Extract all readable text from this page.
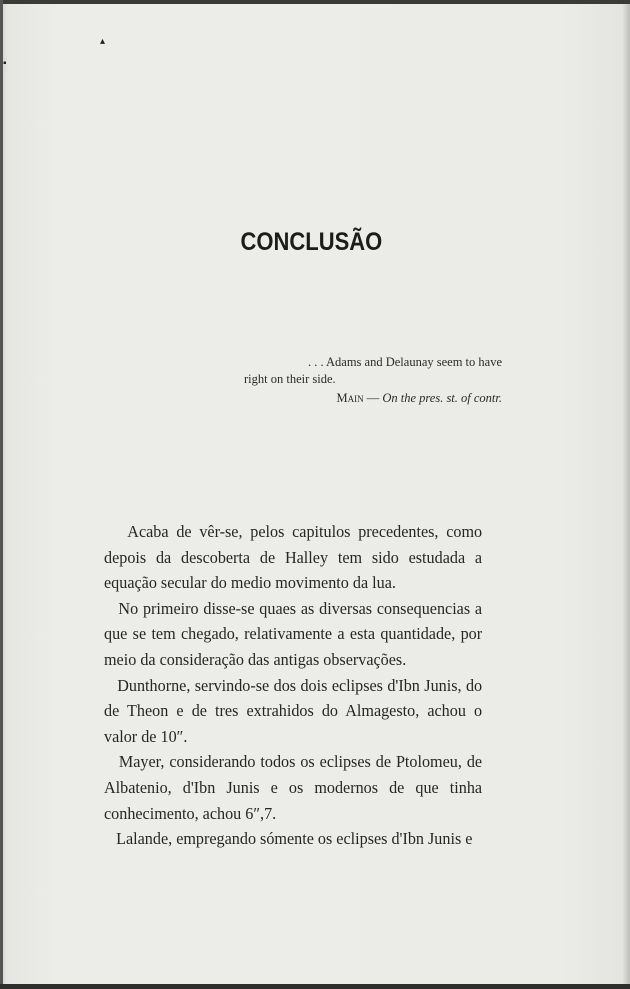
▴
▪
CONCLUSÃO
. . . Adams and Delaunay seem to have
right on their side.
Main — On the pres. st. of contr.

Acaba de vêr-se, pelos capitulos precedentes, como depois da descoberta de Halley tem sido estudada a equação secular do medio movimento da lua.

No primeiro disse-se quaes as diversas consequencias a que se tem chegado, relativamente a esta quantidade, por meio da consideração das antigas observações.

Dunthorne, servindo-se dos dois eclipses d'Ibn Junis, do de Theon e de tres extrahidos do Almagesto, achou o valor de 10″.

Mayer, considerando todos os eclipses de Ptolomeu, de Albatenio, d'Ibn Junis e os modernos de que tinha conhecimento, achou 6″,7.

Lalande, empregando sómente os eclipses d'Ibn Junis e
